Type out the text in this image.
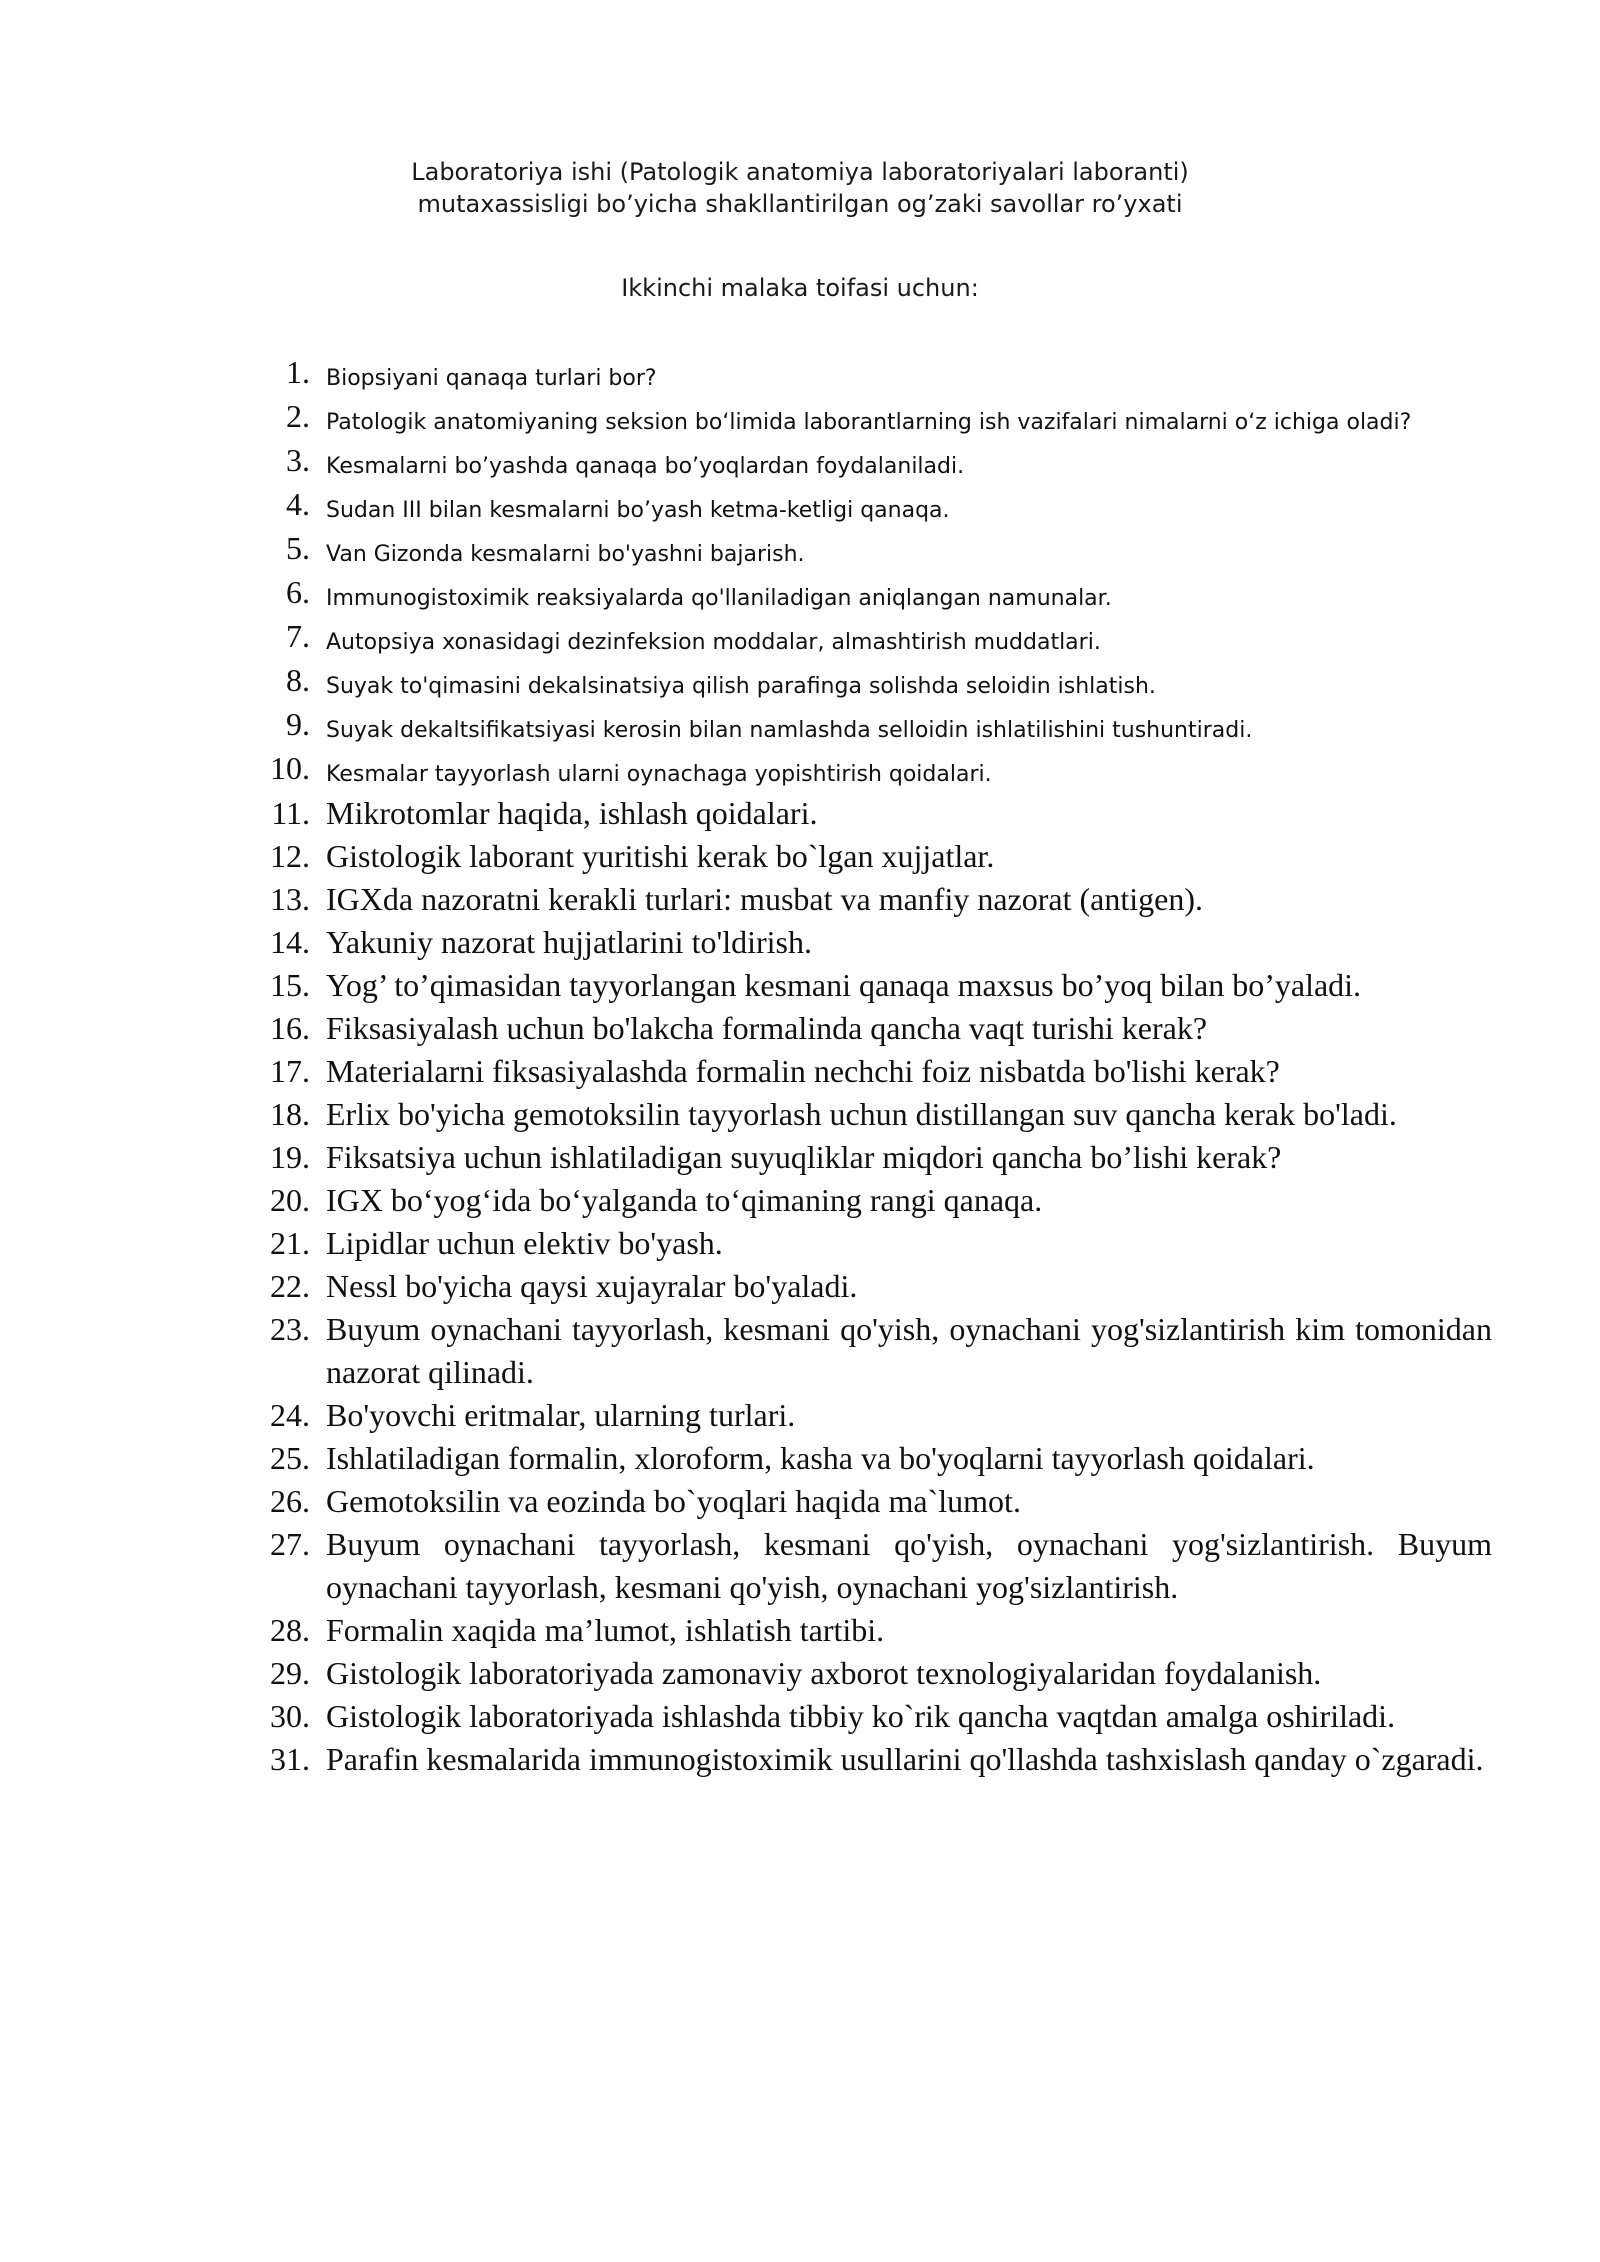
Laboratoriya ishi (Patologik anatomiya laboratoriyalari laboranti)
mutaxassisligi bo’yicha shakllantirilgan og’zaki savollar ro’yxati
Ikkinchi malaka toifasi uchun:
1. Biopsiyani qanaqa turlari bor?
2. Patologik anatomiyaning seksion bo‘limida laborantlarning ish vazifalari nimalarni o‘z ichiga oladi?
3. Kesmalarni bo’yashda qanaqa bo’yoqlardan foydalaniladi.
4. Sudan III bilan kesmalarni bo’yash ketma-ketligi qanaqa.
5. Van Gizonda kesmalarni bo'yashni bajarish.
6. Immunogistoximik reaksiyalarda qo'llaniladigan aniqlangan namunalar.
7. Autopsiya xonasidagi dezinfeksion moddalar, almashtirish muddatlari.
8. Suyak to'qimasini dekalsinatsiya qilish parafinga solishda seloidin ishlatish.
9. Suyak dekaltsifikatsiyasi kerosin bilan namlashda selloidin ishlatilishini tushuntiradi.
10. Kesmalar tayyorlash ularni oynachaga yopishtirish qoidalari.
11. Mikrotomlar haqida, ishlash qoidalari.
12. Gistologik laborant yuritishi kerak bo`lgan xujjatlar.
13. IGXda nazoratni kerakli turlari: musbat va manfiy nazorat (antigen).
14. Yakuniy nazorat hujjatlarini to'ldirish.
15. Yog’ to’qimasidan tayyorlangan kesmani qanaqa maxsus bo’yoq bilan bo’yaladi.
16. Fiksasiyalash uchun bo'lakcha formalinda qancha vaqt turishi kerak?
17. Materialarni fiksasiyalashda formalin nechchi foiz nisbatda bo'lishi kerak?
18. Erlix bo'yicha gemotoksilin tayyorlash uchun distillangan suv qancha kerak bo'ladi.
19. Fiksatsiya uchun ishlatiladigan suyuqliklar miqdori qancha bo’lishi kerak?
20. IGX bo‘yog‘ida bo‘yalganda to‘qimaning rangi qanaqa.
21. Lipidlar uchun elektiv bo'yash.
22. Nessl bo'yicha qaysi xujayralar bo'yaladi.
23. Buyum oynachani tayyorlash, kesmani qo'yish, oynachani yog'sizlantirish kim tomonidan nazorat qilinadi.
24. Bo'yovchi eritmalar, ularning turlari.
25. Ishlatiladigan formalin, xloroform, kasha va bo'yoqlarni tayyorlash qoidalari.
26. Gemotoksilin va eozinda bo`yoqlari haqida ma`lumot.
27. Buyum oynachani tayyorlash, kesmani qo'yish, oynachani yog'sizlantirish. Buyum oynachani tayyorlash, kesmani qo'yish, oynachani yog'sizlantirish.
28. Formalin xaqida ma’lumot, ishlatish tartibi.
29. Gistologik laboratoriyada zamonaviy axborot texnologiyalaridan foydalanish.
30. Gistologik laboratoriyada ishlashda tibbiy ko`rik qancha vaqtdan amalga oshiriladi.
31. Parafin kesmalarida immunogistoximik usullarini qo'llashda tashxislash qanday o`zgaradi.
